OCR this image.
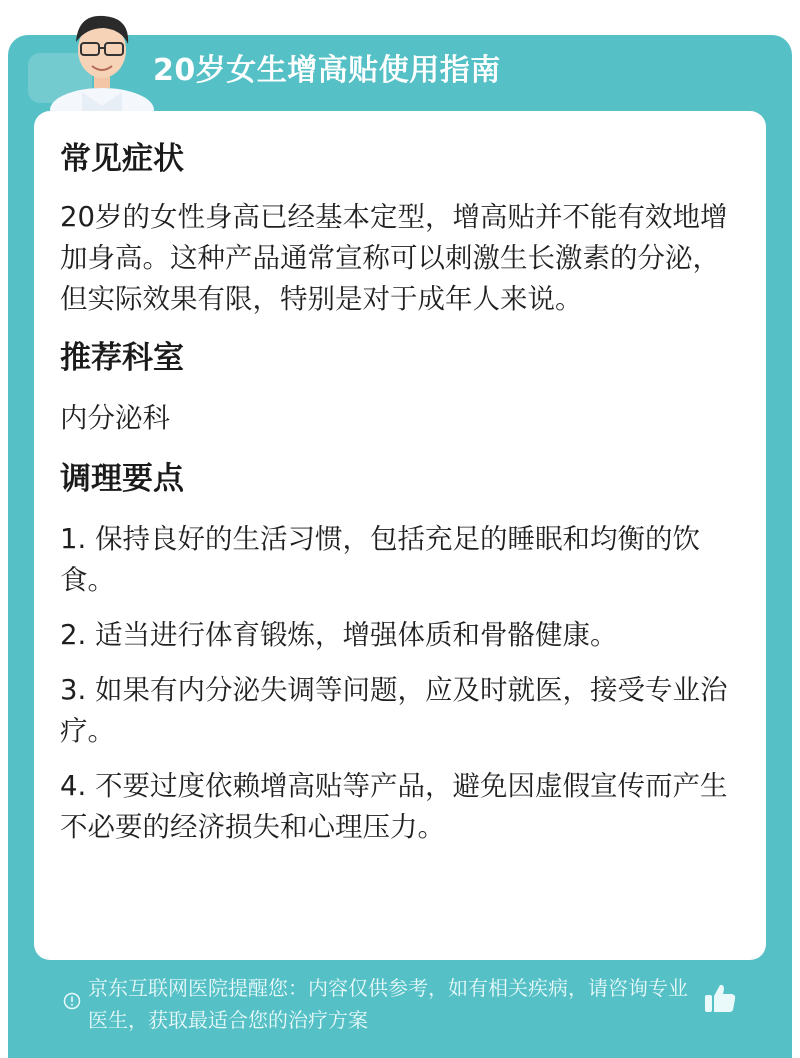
20岁女生增高贴使用指南
常见症状

20岁的女性身高已经基本定型，增高贴并不能有效地增加身高。这种产品通常宣称可以刺激生长激素的分泌，但实际效果有限，特别是对于成年人来说。

推荐科室

内分泌科

调理要点

1. 保持良好的生活习惯，包括充足的睡眠和均衡的饮食。

2. 适当进行体育锻炼，增强体质和骨骼健康。

3. 如果有内分泌失调等问题，应及时就医，接受专业治疗。

4. 不要过度依赖增高贴等产品，避免因虚假宣传而产生不必要的经济损失和心理压力。

京东互联网医院提醒您：内容仅供参考，如有相关疾病，请咨询专业医生，获取最适合您的治疗方案
